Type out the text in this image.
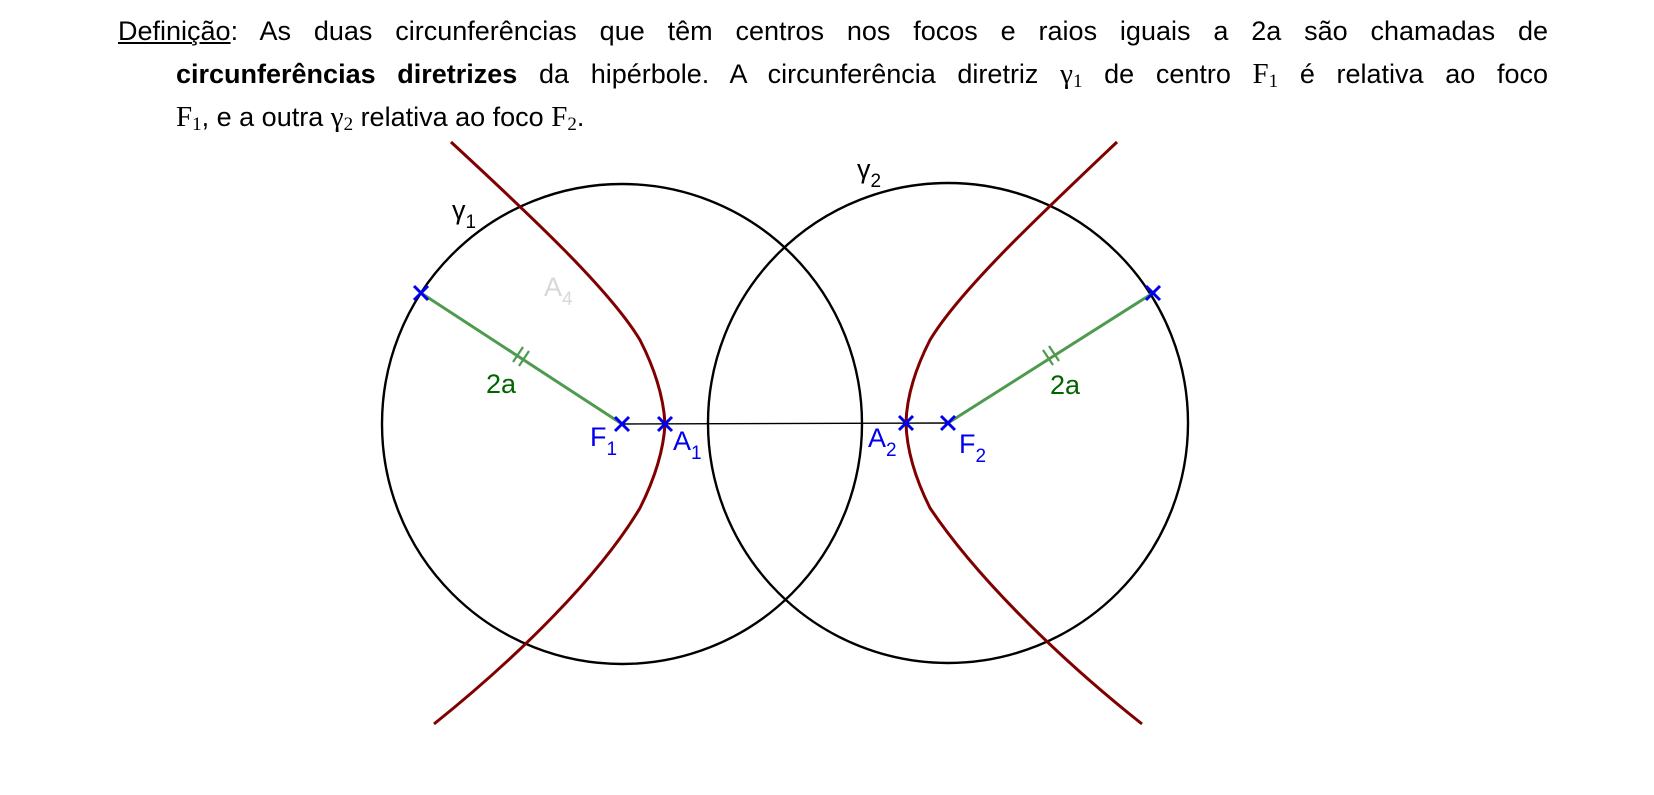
Definição: As duas circunferências que têm centros nos focos e raios iguais a 2a são chamadas de
circunferências diretrizes da hipérbole. A circunferência diretriz $\gamma_1$ de centro $F_1$ é relativa ao foco
$F_1$, e a outra $\gamma_2$ relativa ao foco $F_2$.
$\gamma_1$
$\gamma_2$
$A_4$
2a	2a
$F_1$ $A_1$
$A_2$ $F_2$
